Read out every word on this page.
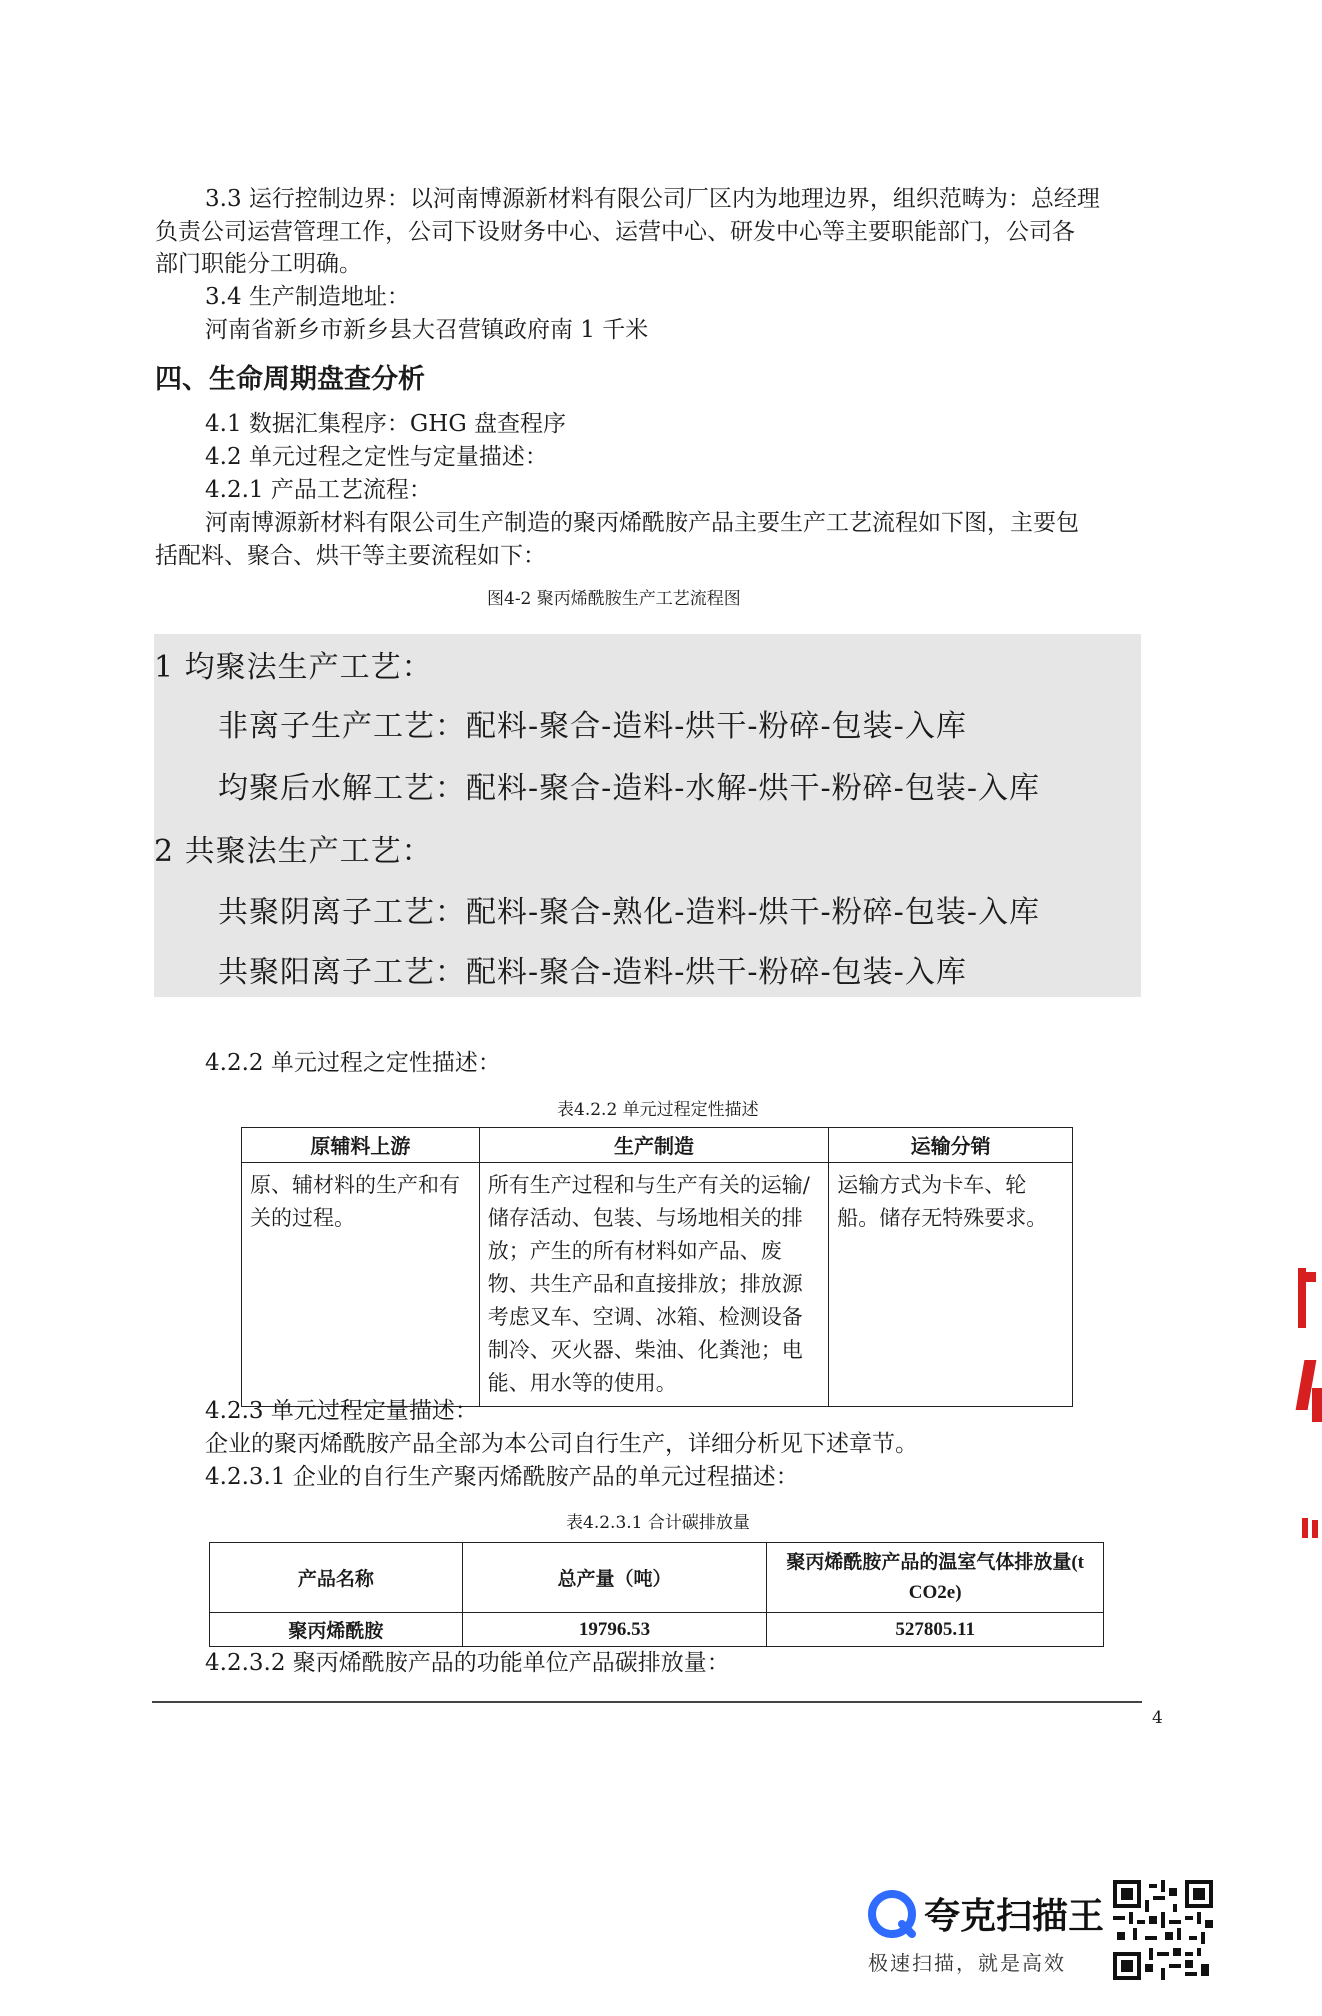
3.3 运行控制边界：以河南博源新材料有限公司厂区内为地理边界，组织范畴为：总经理
负责公司运营管理工作，公司下设财务中心、运营中心、研发中心等主要职能部门，公司各
部门职能分工明确。
3.4 生产制造地址：
河南省新乡市新乡县大召营镇政府南 1 千米
四、生命周期盘查分析
4.1 数据汇集程序：GHG 盘查程序
4.2 单元过程之定性与定量描述：
4.2.1 产品工艺流程：
河南博源新材料有限公司生产制造的聚丙烯酰胺产品主要生产工艺流程如下图，主要包
括配料、聚合、烘干等主要流程如下：
图4-2 聚丙烯酰胺生产工艺流程图
1 均聚法生产工艺：
非离子生产工艺：配料-聚合-造料-烘干-粉碎-包装-入库
均聚后水解工艺：配料-聚合-造料-水解-烘干-粉碎-包装-入库
2 共聚法生产工艺：
共聚阴离子工艺：配料-聚合-熟化-造料-烘干-粉碎-包装-入库
共聚阳离子工艺：配料-聚合-造料-烘干-粉碎-包装-入库
4.2.2 单元过程之定性描述：
表4.2.2 单元过程定性描述
原辅料上游	生产制造	运输分销
原、辅材料的生产和有关的过程。	所有生产过程和与生产有关的运输/储存活动、包装、与场地相关的排放；产生的所有材料如产品、废物、共生产品和直接排放；排放源考虑叉车、空调、冰箱、检测设备制冷、灭火器、柴油、化粪池；电能、用水等的使用。	运输方式为卡车、轮船。储存无特殊要求。
4.2.3 单元过程定量描述：
企业的聚丙烯酰胺产品全部为本公司自行生产，详细分析见下述章节。
4.2.3.1 企业的自行生产聚丙烯酰胺产品的单元过程描述：
表4.2.3.1 合计碳排放量
产品名称	总产量（吨）	聚丙烯酰胺产品的温室气体排放量(t CO2e)
聚丙烯酰胺	19796.53	527805.11
4.2.3.2 聚丙烯酰胺产品的功能单位产品碳排放量：
4
夸克扫描王
极速扫描，就是高效
